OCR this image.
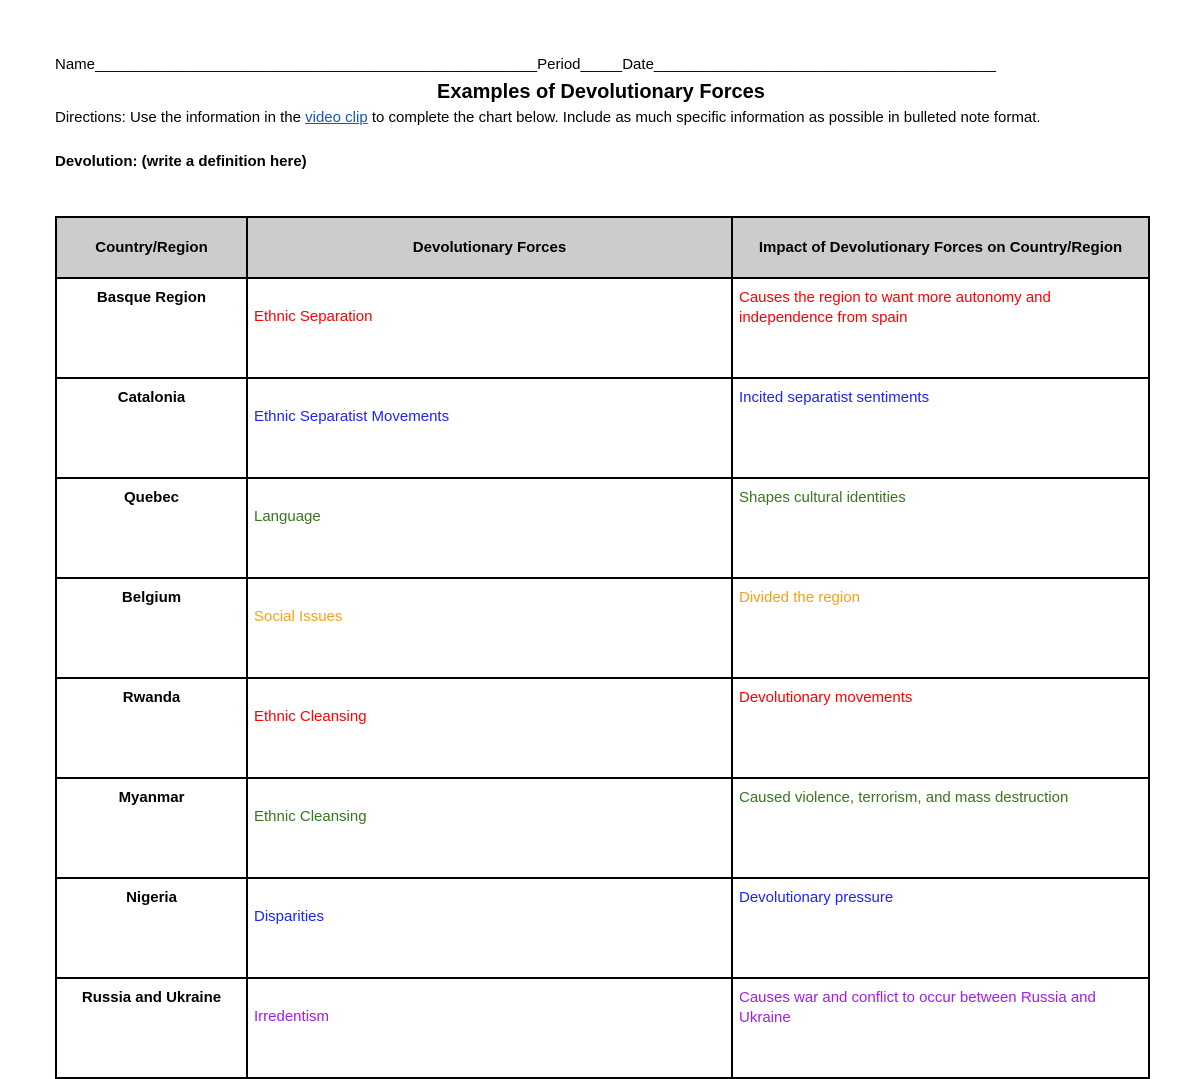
Name_____________________________________________________Period_____Date_________________________________________
Examples of Devolutionary Forces
Directions: Use the information in the video clip to complete the chart below. Include as much specific information as possible in bulleted note format.
Devolution: (write a definition here)
Country/Region	Devolutionary Forces	Impact of Devolutionary Forces on Country/Region
Basque Region	Ethnic Separation	Causes the region to want more autonomy and independence from spain
Catalonia	Ethnic Separatist Movements	Incited separatist sentiments
Quebec	Language	Shapes cultural identities
Belgium	Social Issues	Divided the region
Rwanda	Ethnic Cleansing	Devolutionary movements
Myanmar	Ethnic Cleansing	Caused violence, terrorism, and mass destruction
Nigeria	Disparities	Devolutionary pressure
Russia and Ukraine	Irredentism	Causes war and conflict to occur between Russia and Ukraine
